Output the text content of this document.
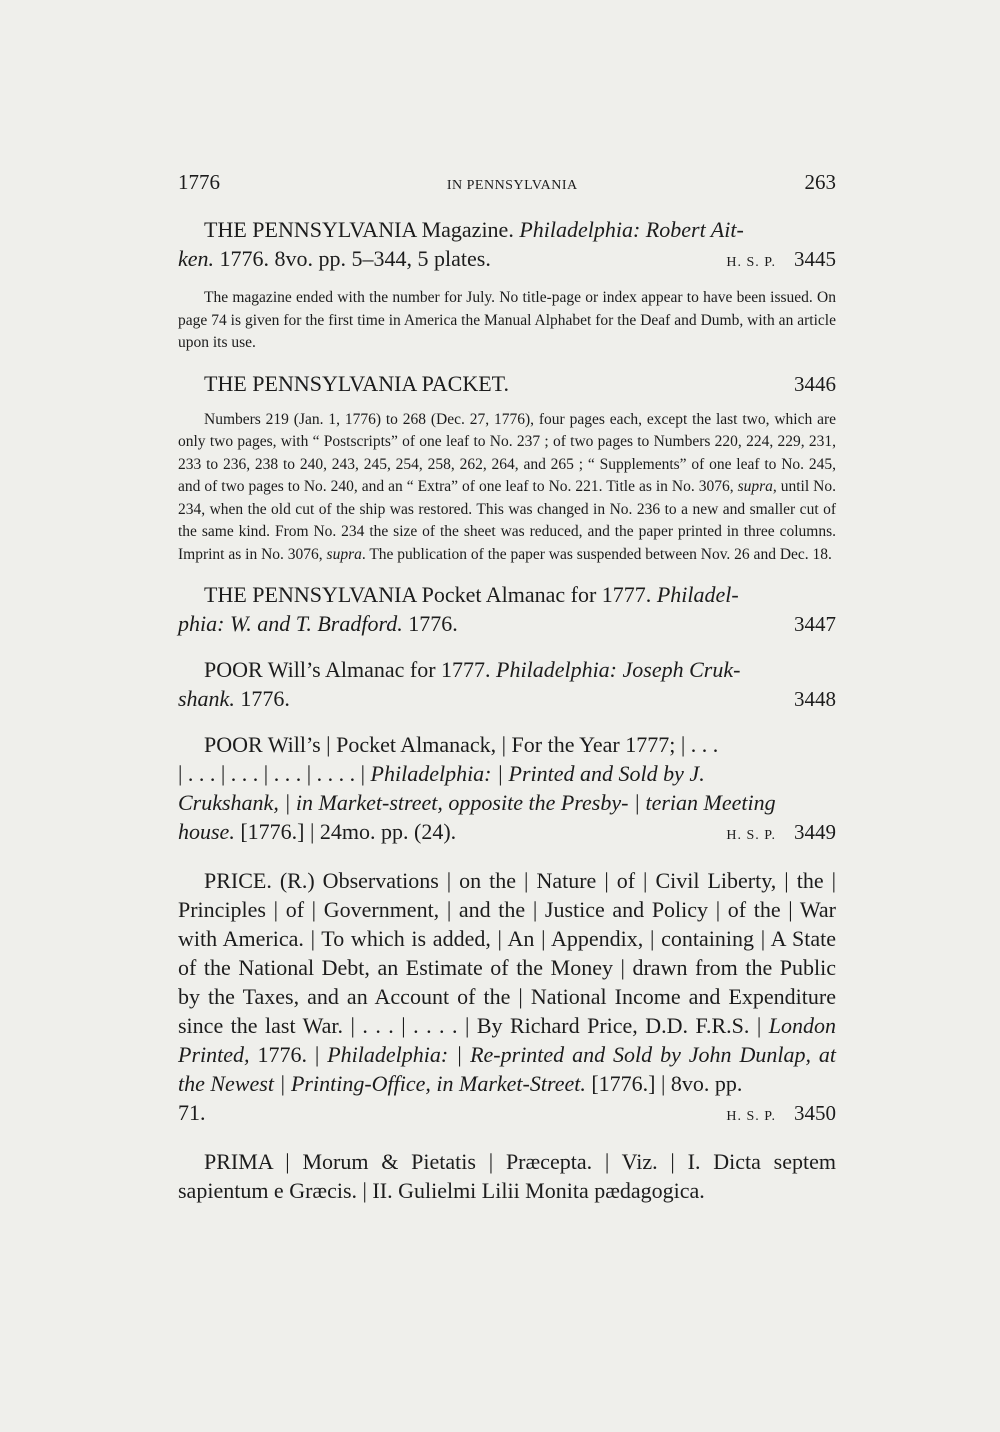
1776	IN PENNSYLVANIA	263

THE PENNSYLVANIA Magazine. Philadelphia: Robert Ait-

ken. 1776. 8vo. pp. 5–344, 5 plates.	H. S. P. 3445

The magazine ended with the number for July. No title-page or index appear to have been issued. On page 74 is given for the first time in America the Manual Alphabet for the Deaf and Dumb, with an article upon its use.

THE PENNSYLVANIA PACKET.	3446

Numbers 219 (Jan. 1, 1776) to 268 (Dec. 27, 1776), four pages each, except the last two, which are only two pages, with “ Postscripts” of one leaf to No. 237 ; of two pages to Numbers 220, 224, 229, 231, 233 to 236, 238 to 240, 243, 245, 254, 258, 262, 264, and 265 ; “ Supplements” of one leaf to No. 245, and of two pages to No. 240, and an “ Extra” of one leaf to No. 221. Title as in No. 3076, supra, until No. 234, when the old cut of the ship was restored. This was changed in No. 236 to a new and smaller cut of the same kind. From No. 234 the size of the sheet was reduced, and the paper printed in three columns. Imprint as in No. 3076, supra. The publication of the paper was suspended between Nov. 26 and Dec. 18.

THE PENNSYLVANIA Pocket Almanac for 1777. Philadel-

phia: W. and T. Bradford. 1776.	3447

POOR Will’s Almanac for 1777. Philadelphia: Joseph Cruk-

shank. 1776.	3448

POOR Will’s | Pocket Almanack, | For the Year 1777; | . . .

| . . . | . . . | . . . | . . . . | Philadelphia: | Printed and Sold by J.

Crukshank, | in Market-street, opposite the Presby- | terian Meeting

house. [1776.] | 24mo. pp. (24).	H. S. P. 3449

PRICE. (R.) Observations | on the | Nature | of | Civil Liberty, | the | Principles | of | Government, | and the | Justice and Policy | of the | War with America. | To which is added, | An | Appendix, | containing | A State of the National Debt, an Estimate of the Money | drawn from the Public by the Taxes, and an Account of the | National Income and Expenditure since the last War. | . . . | . . . . | By Richard Price, D.D. F.R.S. | London Printed, 1776. | Philadelphia: | Re-printed and Sold by John Dunlap, at the Newest | Printing-Office, in Market-Street. [1776.] | 8vo. pp.

71.	H. S. P. 3450

PRIMA | Morum & Pietatis | Præcepta. | Viz. | I. Dicta septem sapientum e Græcis. | II. Gulielmi Lilii Monita pædagogica.
